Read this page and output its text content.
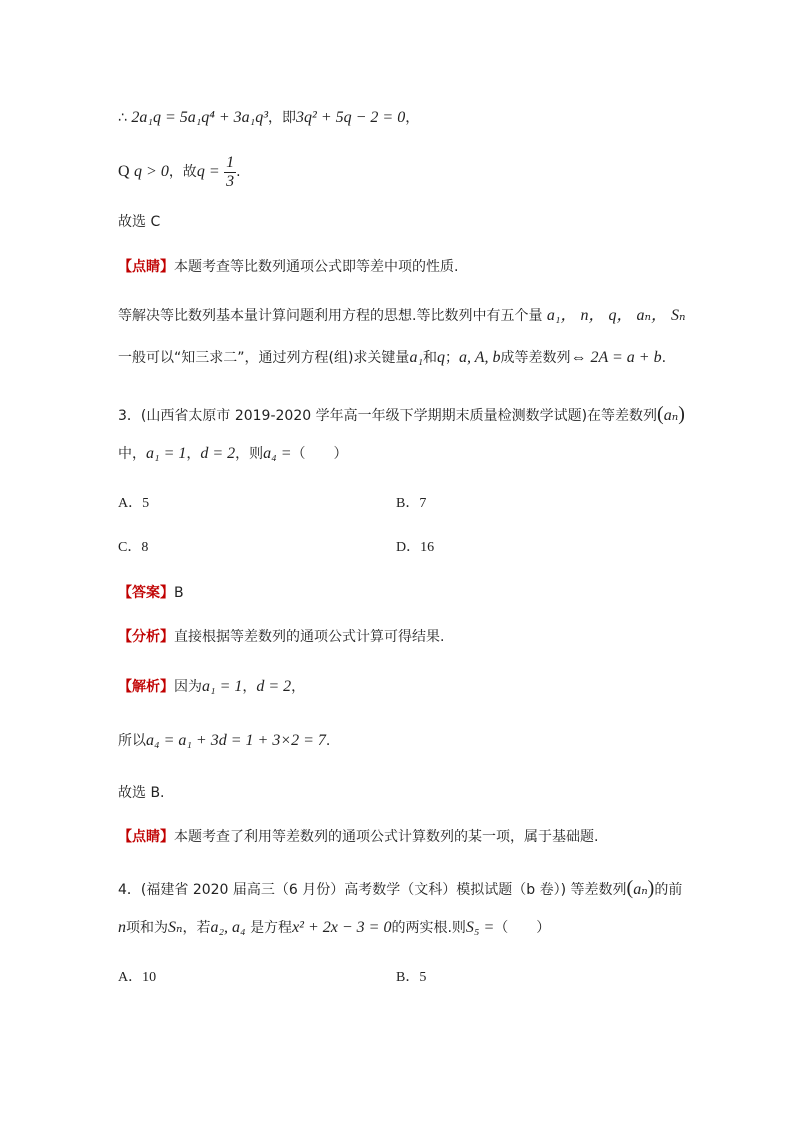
∴ 2a₁q = 5a₁q⁴ + 3a₁q³，即3q² + 5q − 2 = 0，
Q q > 0，故$q = \frac{1}{3}$ .
故选 C
【点睛】本题考查等比数列通项公式即等差中项的性质.
等解决等比数列基本量计算问题利用方程的思想.等比数列中有五个量 a₁， n， q， aₙ， Sₙ
一般可以“知三求二”，通过列方程(组)求关键量a₁和q；a, A, b成等差数列⇔ 2A = a + b.
3．(山西省太原市 2019-2020 学年高一年级下学期期末质量检测数学试题)在等差数列(aₙ)
中，a₁ = 1，d = 2，则a₄ =（　　）
A．5	B．7
C．8	D．16
【答案】B
【分析】直接根据等差数列的通项公式计算可得结果.
【解析】因为a₁ = 1，d = 2，
所以a₄ = a₁ + 3d = 1 + 3×2 = 7.
故选 B.
【点睛】本题考查了利用等差数列的通项公式计算数列的某一项，属于基础题.
4．(福建省 2020 届高三（6 月份）高考数学（文科）模拟试题（b 卷）) 等差数列(aₙ)的前
n项和为Sₙ，若a₂, a₄ 是方程x² + 2x − 3 = 0的两实根.则S₅ =（　　）
A．10	B．5
